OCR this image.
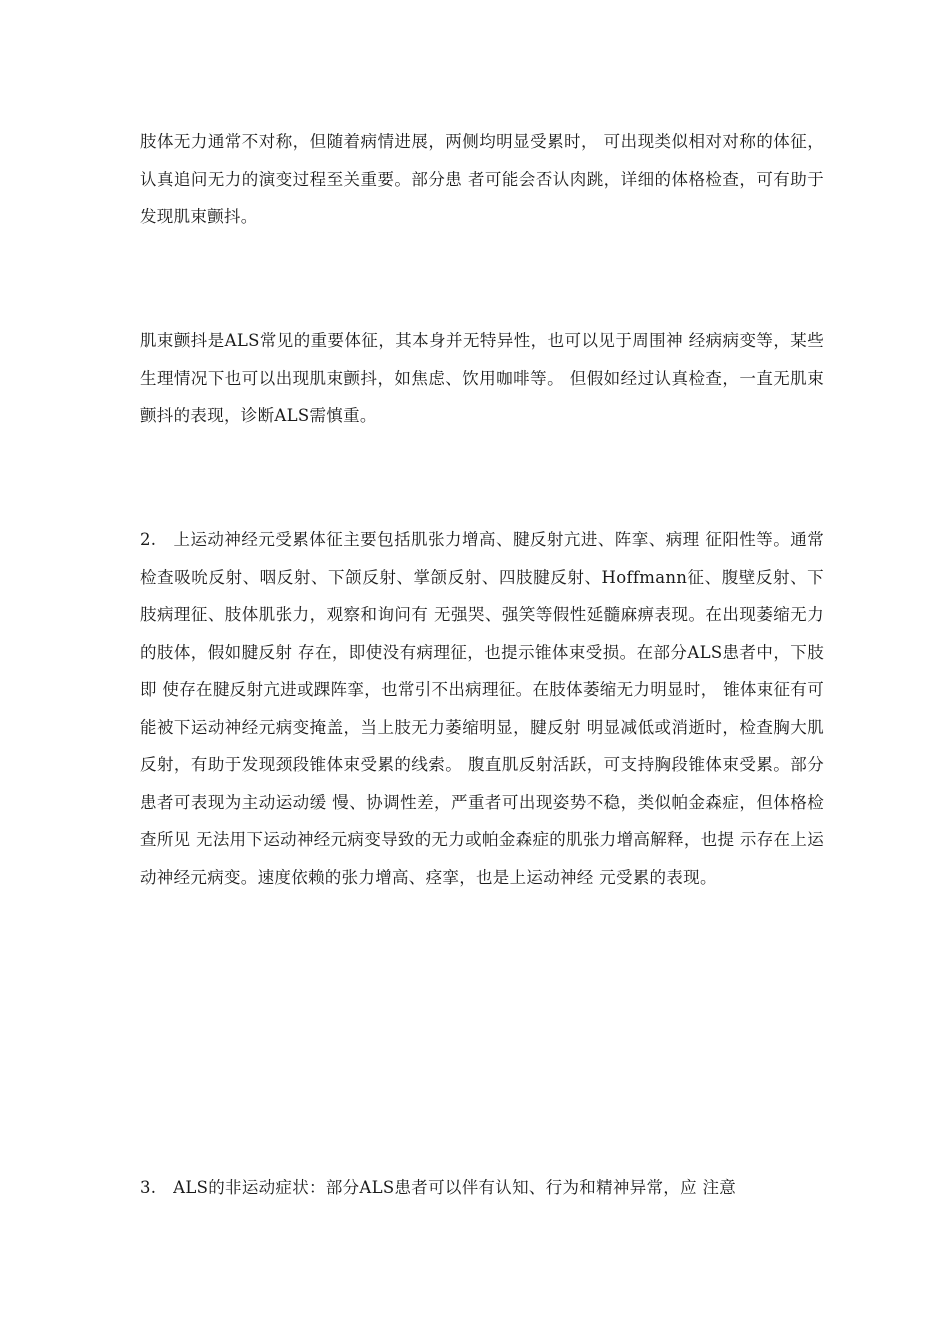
肢体无力通常不对称，但随着病情进展，两侧均明显受累时， 可出现类似相对对称的体征，认真追问无力的演变过程至关重要。部分患 者可能会否认肉跳，详细的体格检查，可有助于发现肌束颤抖。

肌束颤抖是ALS常见的重要体征，其本身并无特异性，也可以见于周围神 经病病变等，某些生理情况下也可以出现肌束颤抖，如焦虑、饮用咖啡等。 但假如经过认真检查，一直无肌束颤抖的表现，诊断ALS需慎重。

2.　上运动神经元受累体征主要包括肌张力增高、腱反射亢进、阵挛、病理 征阳性等。通常检查吸吮反射、咽反射、下颌反射、掌颌反射、四肢腱反射、Hoffmann征、腹壁反射、下肢病理征、肢体肌张力，观察和询问有 无强哭、强笑等假性延髓麻痹表现。在出现萎缩无力的肢体，假如腱反射 存在，即使没有病理征，也提示锥体束受损。在部分ALS患者中，下肢即 使存在腱反射亢进或踝阵挛，也常引不出病理征。在肢体萎缩无力明显时， 锥体束征有可能被下运动神经元病变掩盖，当上肢无力萎缩明显，腱反射 明显减低或消逝时，检查胸大肌反射，有助于发现颈段锥体束受累的线索。 腹直肌反射活跃，可支持胸段锥体束受累。部分患者可表现为主动运动缓 慢、协调性差，严重者可出现姿势不稳，类似帕金森症，但体格检查所见 无法用下运动神经元病变导致的无力或帕金森症的肌张力增高解释，也提 示存在上运动神经元病变。速度依赖的张力增高、痉挛，也是上运动神经 元受累的表现。

3.　ALS的非运动症状：部分ALS患者可以伴有认知、行为和精神异常，应 注意
